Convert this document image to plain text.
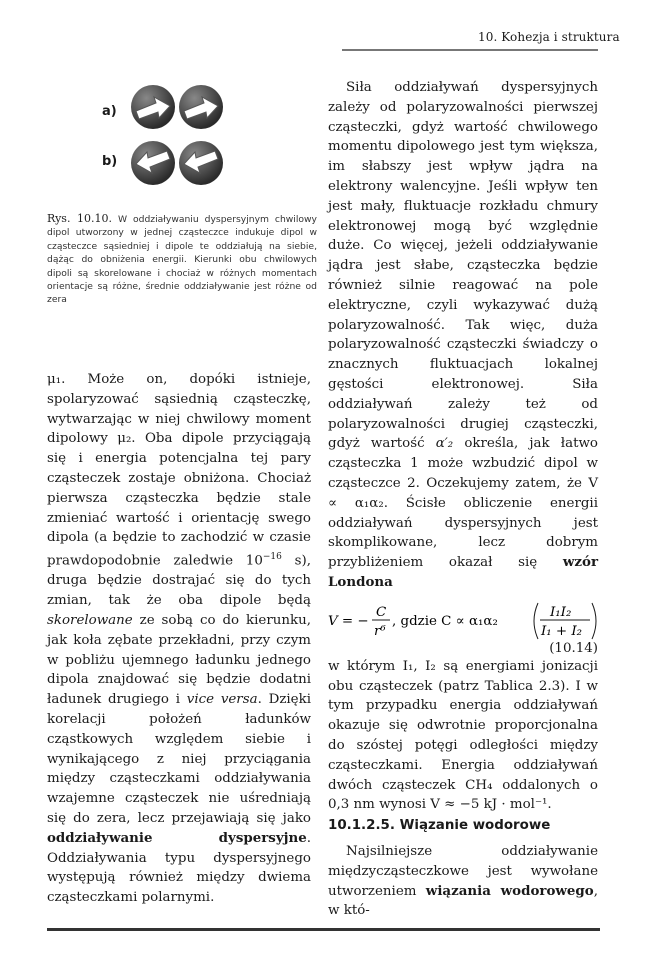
10. Kohezja i struktura
a)
b)
Rys. 10.10. W oddziaływaniu dyspersyjnym chwilowy dipol utworzony w jednej cząsteczce indukuje dipol w cząsteczce sąsiedniej i dipole te oddziałują na siebie, dążąc do obniżenia energii. Kierunki obu chwilowych dipoli są skorelowane i chociaż w różnych momentach orientacje są różne, średnie oddziaływanie jest różne od zera

μ₁. Może on, dopóki istnieje, spolaryzować sąsiednią cząsteczkę, wytwarzając w niej chwilowy moment dipolowy μ₂. Oba dipole przyciągają się i energia potencjalna tej pary cząsteczek zostaje obniżona. Chociaż pierwsza cząsteczka będzie stale zmieniać wartość i orientację swego dipola (a będzie to zachodzić w czasie prawdopodobnie zaledwie $10^{-16}$ s), druga będzie dostrajać się do tych zmian, tak że oba dipole będą skorelowane ze sobą co do kierunku, jak koła zębate przekładni, przy czym w pobliżu ujemnego ładunku jednego dipola znajdować się będzie dodatni ładunek drugiego i vice versa. Dzięki korelacji położeń ładunków cząstkowych względem siebie i wynikającego z niej przyciągania między cząsteczkami oddziaływania wzajemne cząsteczek nie uśredniają się do zera, lecz przejawiają się jako oddziaływanie dyspersyjne. Oddziaływania typu dyspersyjnego występują również między dwiema cząsteczkami polarnymi.

Siła oddziaływań dyspersyjnych zależy od polaryzowalności pierwszej cząsteczki, gdyż wartość chwilowego momentu dipolowego jest tym większa, im słabszy jest wpływ jądra na elektrony walencyjne. Jeśli wpływ ten jest mały, fluktuacje rozkładu chmury elektronowej mogą być względnie duże. Co więcej, jeżeli oddziaływanie jądra jest słabe, cząsteczka będzie również silnie reagować na pole elektryczne, czyli wykazywać dużą polaryzowalność. Tak więc, duża polaryzowalność cząsteczki świadczy o znacznych fluktuacjach lokalnej gęstości elektronowej. Siła oddziaływań zależy też od polaryzowalności drugiej cząsteczki, gdyż wartość α′₂ określa, jak łatwo cząsteczka 1 może wzbudzić dipol w cząsteczce 2. Oczekujemy zatem, że V ∝ α₁α₂. Ścisłe obliczenie energii oddziaływań dyspersyjnych jest skomplikowane, lecz dobrym przybliżeniem okazał się wzór Londona

V = −
C
r⁶
, gdzie C ∝ α₁α₂
I₁I₂
I₁ + I₂
(10.14)

w którym I₁, I₂ są energiami jonizacji obu cząsteczek (patrz Tablica 2.3). I w tym przypadku energia oddziaływań okazuje się odwrotnie proporcjonalna do szóstej potęgi odległości między cząsteczkami. Energia oddziaływań dwóch cząsteczek CH₄ oddalonych o 0,3 nm wynosi V ≈ −5 kJ · mol⁻¹.

10.1.2.5. Wiązanie wodorowe
Najsilniejsze oddziaływanie międzycząsteczkowe jest wywołane utworzeniem wiązania wodorowego, w któ-
